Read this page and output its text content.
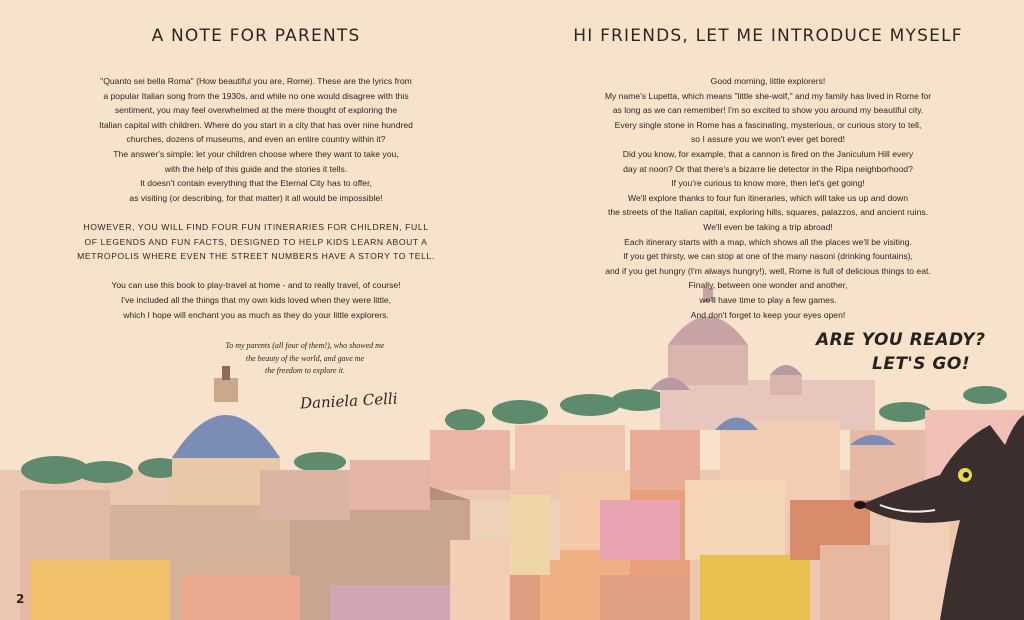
A NOTE FOR PARENTS

"Quanto sei bella Roma" (How beautiful you are, Rome). These are the lyrics from

a popular Italian song from the 1930s, and while no one would disagree with this

sentiment, you may feel overwhelmed at the mere thought of exploring the

Italian capital with children. Where do you start in a city that has over nine hundred

churches, dozens of museums, and even an entire country within it?

The answer's simple: let your children choose where they want to take you,

with the help of this guide and the stories it tells.

It doesn't contain everything that the Eternal City has to offer,

as visiting (or describing, for that matter) it all would be impossible!

HOWEVER, YOU WILL FIND FOUR FUN ITINERARIES FOR CHILDREN, FULL

OF LEGENDS AND FUN FACTS, DESIGNED TO HELP KIDS LEARN ABOUT A

METROPOLIS WHERE EVEN THE STREET NUMBERS HAVE A STORY TO TELL.

You can use this book to play-travel at home - and to really travel, of course!

I've included all the things that my own kids loved when they were little,

which I hope will enchant you as much as they do your little explorers.

To my parents (all four of them!), who showed me

the beauty of the world, and gave me

the freedom to explore it.

Daniela Celli
HI FRIENDS, LET ME INTRODUCE MYSELF

Good morning, little explorers!

My name's Lupetta, which means "little she-wolf," and my family has lived in Rome for

as long as we can remember! I'm so excited to show you around my beautiful city.

Every single stone in Rome has a fascinating, mysterious, or curious story to tell,

so I assure you we won't ever get bored!

Did you know, for example, that a cannon is fired on the Janiculum Hill every

day at noon? Or that there's a bizarre lie detector in the Ripa neighborhood?

If you're curious to know more, then let's get going!

We'll explore thanks to four fun itineraries, which will take us up and down

the streets of the Italian capital, exploring hills, squares, palazzos, and ancient ruins.

We'll even be taking a trip abroad!

Each itinerary starts with a map, which shows all the places we'll be visiting.

If you get thirsty, we can stop at one of the many nasoni (drinking fountains),

and if you get hungry (I'm always hungry!), well, Rome is full of delicious things to eat.

Finally, between one wonder and another,

we'll have time to play a few games.

And don't forget to keep your eyes open!

ARE YOU READY?
LET'S GO!
2
